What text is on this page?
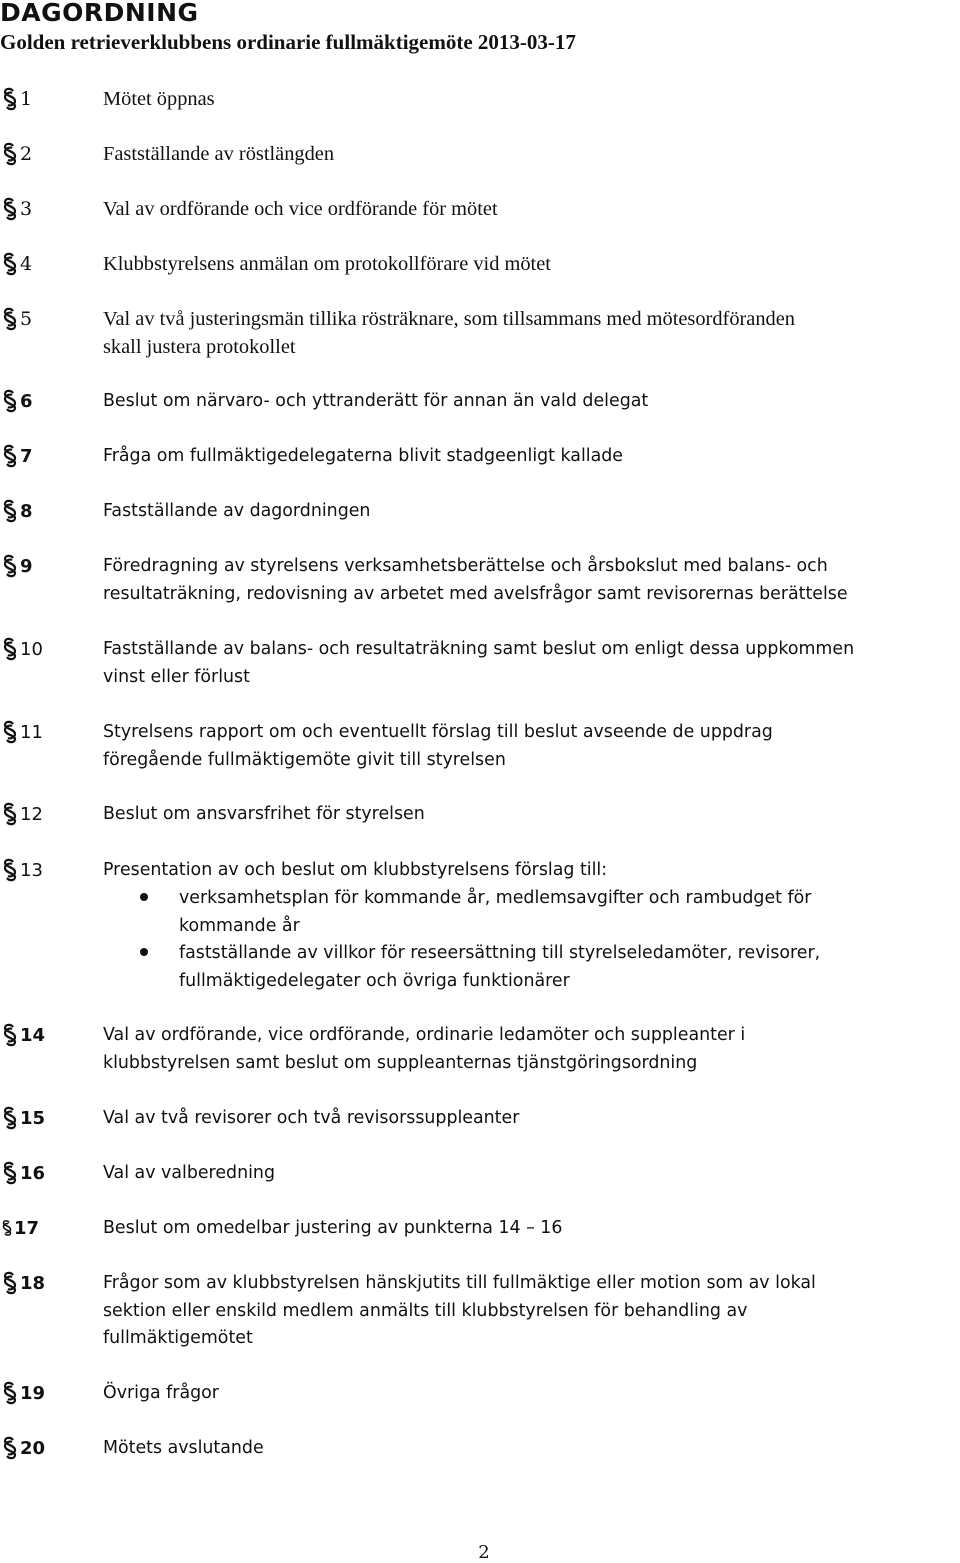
DAGORDNING
Golden retrieverklubbens ordinarie fullmäktigemöte 2013-03-17
1	Mötet öppnas
2	Fastställande av röstlängden
3	Val av ordförande och vice ordförande för mötet
4	Klubbstyrelsens anmälan om protokollförare vid mötet
5	Val av två justeringsmän tillika rösträknare, som tillsammans med mötesordföranden
skall justera protokollet
6	Beslut om närvaro- och yttranderätt för annan än vald delegat
7	Fråga om fullmäktigedelegaterna blivit stadgeenligt kallade
8	Fastställande av dagordningen
9	Föredragning av styrelsens verksamhetsberättelse och årsbokslut med balans- och
resultaträkning, redovisning av arbetet med avelsfrågor samt revisorernas berättelse
10	Fastställande av balans- och resultaträkning samt beslut om enligt dessa uppkommen
vinst eller förlust
11	Styrelsens rapport om och eventuellt förslag till beslut avseende de uppdrag
föregående fullmäktigemöte givit till styrelsen
12	Beslut om ansvarsfrihet för styrelsen
13	Presentation av och beslut om klubbstyrelsens förslag till:
verksamhetsplan för kommande år, medlemsavgifter och rambudget för
kommande år
fastställande av villkor för reseersättning till styrelseledamöter, revisorer,
fullmäktigedelegater och övriga funktionärer
14	Val av ordförande, vice ordförande, ordinarie ledamöter och suppleanter i
klubbstyrelsen samt beslut om suppleanternas tjänstgöringsordning
15	Val av två revisorer och två revisorssuppleanter
16	Val av valberedning
17	Beslut om omedelbar justering av punkterna 14 – 16
18	Frågor som av klubbstyrelsen hänskjutits till fullmäktige eller motion som av lokal
sektion eller enskild medlem anmälts till klubbstyrelsen för behandling av
fullmäktigemötet
19	Övriga frågor
20	Mötets avslutande
2
